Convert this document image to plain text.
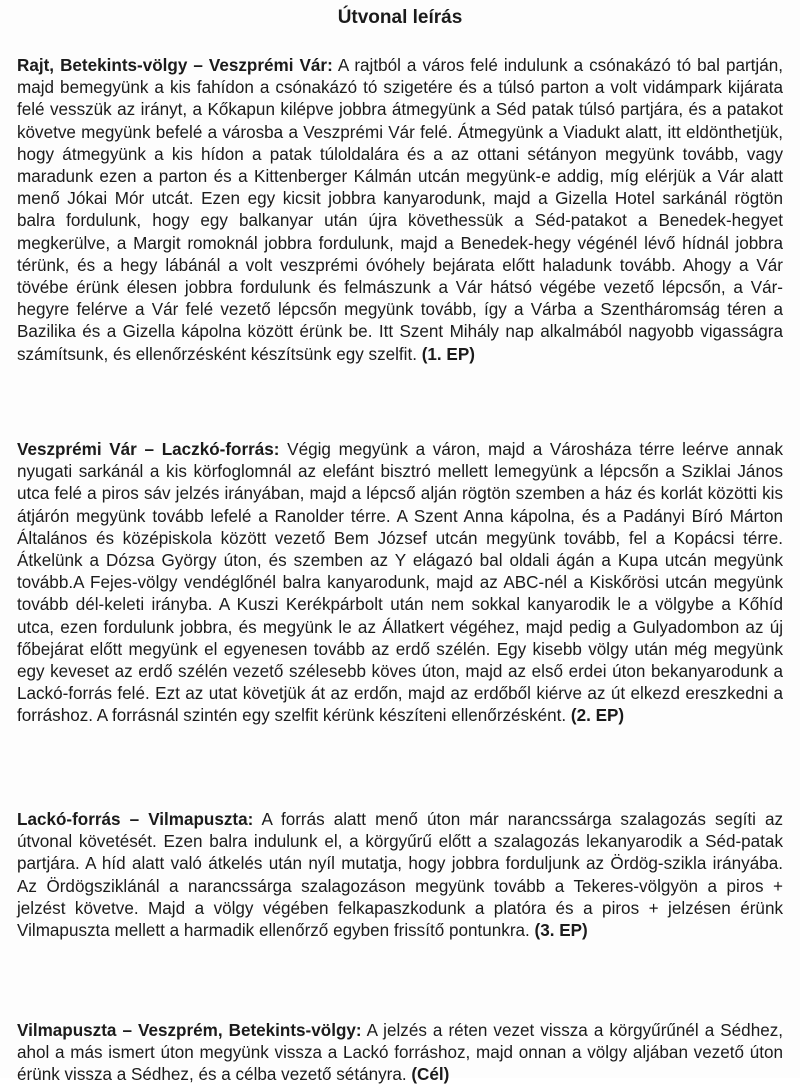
Útvonal leírás

Rajt, Betekints-völgy – Veszprémi Vár: A rajtból a város felé indulunk a csónakázó tó bal partján, majd bemegyünk a kis fahídon a csónakázó tó szigetére és a túlsó parton a volt vidámpark kijárata felé vesszük az irányt, a Kőkapun kilépve jobbra átmegyünk a Séd patak túlsó partjára, és a patakot követve megyünk befelé a városba a Veszprémi Vár felé. Átmegyünk a Viadukt alatt, itt eldönthetjük, hogy átmegyünk a kis hídon a patak túloldalára és a az ottani sétányon megyünk tovább, vagy maradunk ezen a parton és a Kittenberger Kálmán utcán megyünk-e addig, míg elérjük a Vár alatt menő Jókai Mór utcát. Ezen egy kicsit jobbra kanyarodunk, majd a Gizella Hotel sarkánál rögtön balra fordulunk, hogy egy balkanyar után újra követhessük a Séd-patakot a Benedek-hegyet megkerülve, a Margit romoknál jobbra fordulunk, majd a Benedek-hegy végénél lévő hídnál jobbra térünk, és a hegy lábánál a volt veszprémi óvóhely bejárata előtt haladunk tovább. Ahogy a Vár tövébe érünk élesen jobbra fordulunk és felmászunk a Vár hátsó végébe vezető lépcsőn, a Vár-hegyre felérve a Vár felé vezető lépcsőn megyünk tovább, így a Várba a Szentháromság téren a Bazilika és a Gizella kápolna között érünk be. Itt Szent Mihály nap alkalmából nagyobb vigasságra számítsunk, és ellenőrzésként készítsünk egy szelfit. (1. EP)

Veszprémi Vár – Laczkó-forrás: Végig megyünk a váron, majd a Városháza térre leérve annak nyugati sarkánál a kis körfoglomnál az elefánt bisztró mellett lemegyünk a lépcsőn a Sziklai János utca felé a piros sáv jelzés irányában, majd a lépcső alján rögtön szemben a ház és korlát közötti kis átjárón megyünk tovább lefelé a Ranolder térre. A Szent Anna kápolna, és a Padányi Bíró Márton Általános és középiskola között vezető Bem József utcán megyünk tovább, fel a Kopácsi térre. Átkelünk a Dózsa György úton, és szemben az Y elágazó bal oldali ágán a Kupa utcán megyünk tovább.A Fejes-völgy vendéglőnél balra kanyarodunk, majd az ABC-nél a Kiskőrösi utcán megyünk tovább dél-keleti irányba. A Kuszi Kerékpárbolt után nem sokkal kanyarodik le a völgybe a Kőhíd utca, ezen fordulunk jobbra, és megyünk le az Állatkert végéhez, majd pedig a Gulyadombon az új főbejárat előtt megyünk el egyenesen tovább az erdő szélén. Egy kisebb völgy után még megyünk egy keveset az erdő szélén vezető szélesebb köves úton, majd az első erdei úton bekanyarodunk a Lackó-forrás felé. Ezt az utat követjük át az erdőn, majd az erdőből kiérve az út elkezd ereszkedni a forráshoz. A forrásnál szintén egy szelfit kérünk készíteni ellenőrzésként. (2. EP)

Lackó-forrás – Vilmapuszta: A forrás alatt menő úton már narancssárga szalagozás segíti az útvonal követését. Ezen balra indulunk el, a körgyűrű előtt a szalagozás lekanyarodik a Séd-patak partjára. A híd alatt való átkelés után nyíl mutatja, hogy jobbra forduljunk az Ördög-szikla irányába. Az Ördögsziklánál a narancssárga szalagozáson megyünk tovább a Tekeres-völgyön a piros + jelzést követve. Majd a völgy végében felkapaszkodunk a platóra és a piros + jelzésen érünk Vilmapuszta mellett a harmadik ellenőrző egyben frissítő pontunkra. (3. EP)

Vilmapuszta – Veszprém, Betekints-völgy: A jelzés a réten vezet vissza a körgyűrűnél a Sédhez, ahol a más ismert úton megyünk vissza a Lackó forráshoz, majd onnan a völgy aljában vezető úton érünk vissza a Sédhez, és a célba vezető sétányra. (Cél)
